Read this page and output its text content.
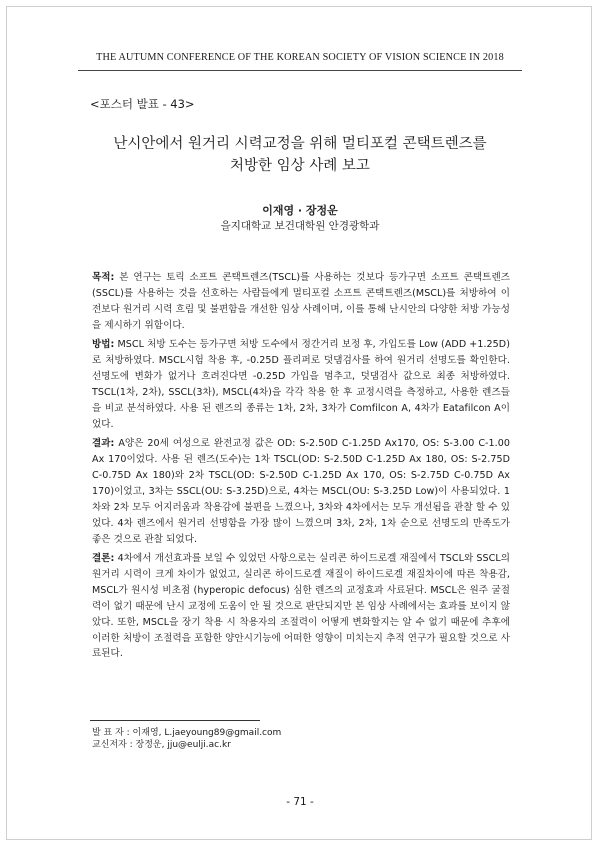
THE AUTUMN CONFERENCE OF THE KOREAN SOCIETY OF VISION SCIENCE IN 2018
<포스터 발표 - 43>
난시안에서 원거리 시력교정을 위해 멀티포컬 콘택트렌즈를
처방한 임상 사례 보고
이재영 · 장정운
을지대학교 보건대학원 안경광학과

목적: 본 연구는 토릭 소프트 콘택트렌즈(TSCL)를 사용하는 것보다 등가구면 소프트 콘택트렌즈(SSCL)를 사용하는 것을 선호하는 사람들에게 멀티포컬 소프트 콘택트렌즈(MSCL)를 처방하여 이전보다 원거리 시력 흐림 및 불편함을 개선한 임상 사례이며, 이를 통해 난시안의 다양한 처방 가능성을 제시하기 위함이다.

방법: MSCL 처방 도수는 등가구면 처방 도수에서 정간거리 보정 후, 가입도를 Low (ADD +1.25D)로 처방하였다. MSCL시험 착용 후, -0.25D 플리퍼로 덧댐검사를 하여 원거리 선명도를 확인한다. 선명도에 변화가 없거나 흐려진다면 -0.25D 가입을 멈추고, 덧댐검사 값으로 최종 처방하였다. TSCL(1차, 2차), SSCL(3차), MSCL(4차)을 각각 착용 한 후 교정시력을 측정하고, 사용한 렌즈들을 비교 분석하였다. 사용 된 렌즈의 종류는 1차, 2차, 3차가 Comfilcon A, 4차가 Eatafilcon A이었다.

결과: A양은 20세 여성으로 완전교정 값은 OD: S-2.50D C-1.25D Ax170, OS: S-3.00 C-1.00 Ax 170이었다. 사용 된 렌즈(도수)는 1차 TSCL(OD: S-2.50D C-1.25D Ax 180, OS: S-2.75D C-0.75D Ax 180)와 2차 TSCL(OD: S-2.50D C-1.25D Ax 170, OS: S-2.75D C-0.75D Ax 170)이었고, 3차는 SSCL(OU: S-3.25D)으로, 4차는 MSCL(OU: S-3.25D Low)이 사용되었다. 1차와 2차 모두 어지러움과 착용감에 불편을 느꼈으나, 3차와 4차에서는 모두 개선됨을 관찰 할 수 있었다. 4차 렌즈에서 원거리 선명함을 가장 많이 느꼈으며 3차, 2차, 1차 순으로 선명도의 만족도가 좋은 것으로 관찰 되었다.

결론: 4차에서 개선효과를 보일 수 있었던 사항으로는 실리콘 하이드로겔 재질에서 TSCL와 SSCL의 원거리 시력이 크게 차이가 없었고, 실리콘 하이드로겔 재질이 하이드로겔 재질차이에 따른 착용감, MSCL가 원시성 비초점 (hyperopic defocus) 심한 렌즈의 교정효과 사료된다. MSCL은 원주 굴절력이 없기 때문에 난시 교정에 도움이 안 될 것으로 판단되지만 본 임상 사례에서는 효과를 보이지 않았다. 또한, MSCL을 장기 착용 시 착용자의 조절력이 어떻게 변화할지는 알 수 없기 때문에 추후에 이러한 처방이 조절력을 포함한 양안시기능에 어떠한 영향이 미치는지 추적 연구가 필요할 것으로 사료된다.

발 표 자 : 이재영, L.jaeyoung89@gmail.com
교신저자 : 장정운, jju@eulji.ac.kr
- 71 -
